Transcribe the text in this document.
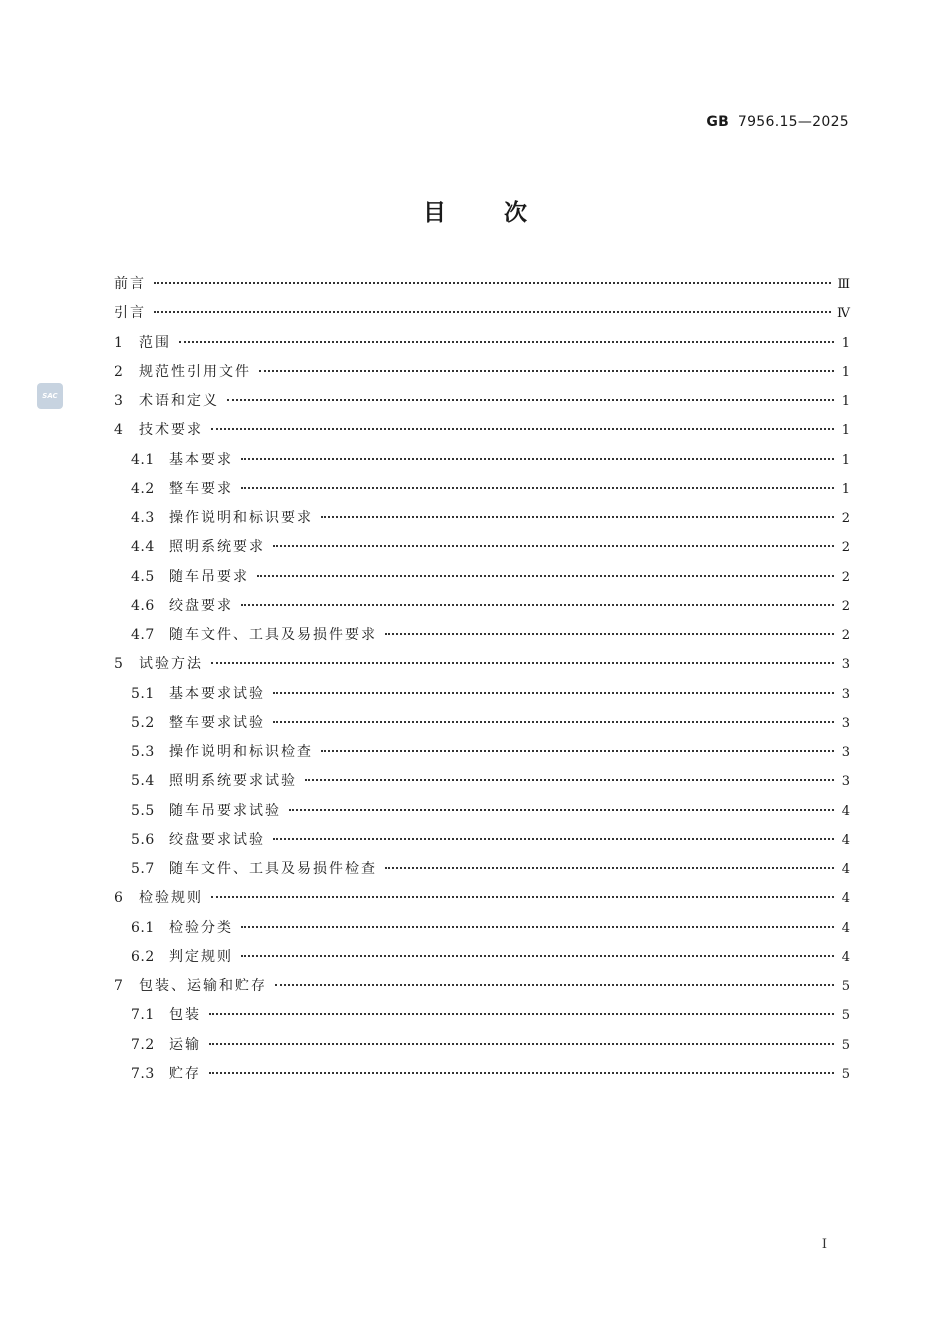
GB 7956.15—2025
目次
SAC
前言	Ⅲ
引言	Ⅳ
1	范围	1
2	规范性引用文件	1
3	术语和定义	1
4	技术要求	1
4.1	基本要求	1
4.2	整车要求	1
4.3	操作说明和标识要求	2
4.4	照明系统要求	2
4.5	随车吊要求	2
4.6	绞盘要求	2
4.7	随车文件、工具及易损件要求	2
5	试验方法	3
5.1	基本要求试验	3
5.2	整车要求试验	3
5.3	操作说明和标识检查	3
5.4	照明系统要求试验	3
5.5	随车吊要求试验	4
5.6	绞盘要求试验	4
5.7	随车文件、工具及易损件检查	4
6	检验规则	4
6.1	检验分类	4
6.2	判定规则	4
7	包装、运输和贮存	5
7.1	包装	5
7.2	运输	5
7.3	贮存	5
Ⅰ
